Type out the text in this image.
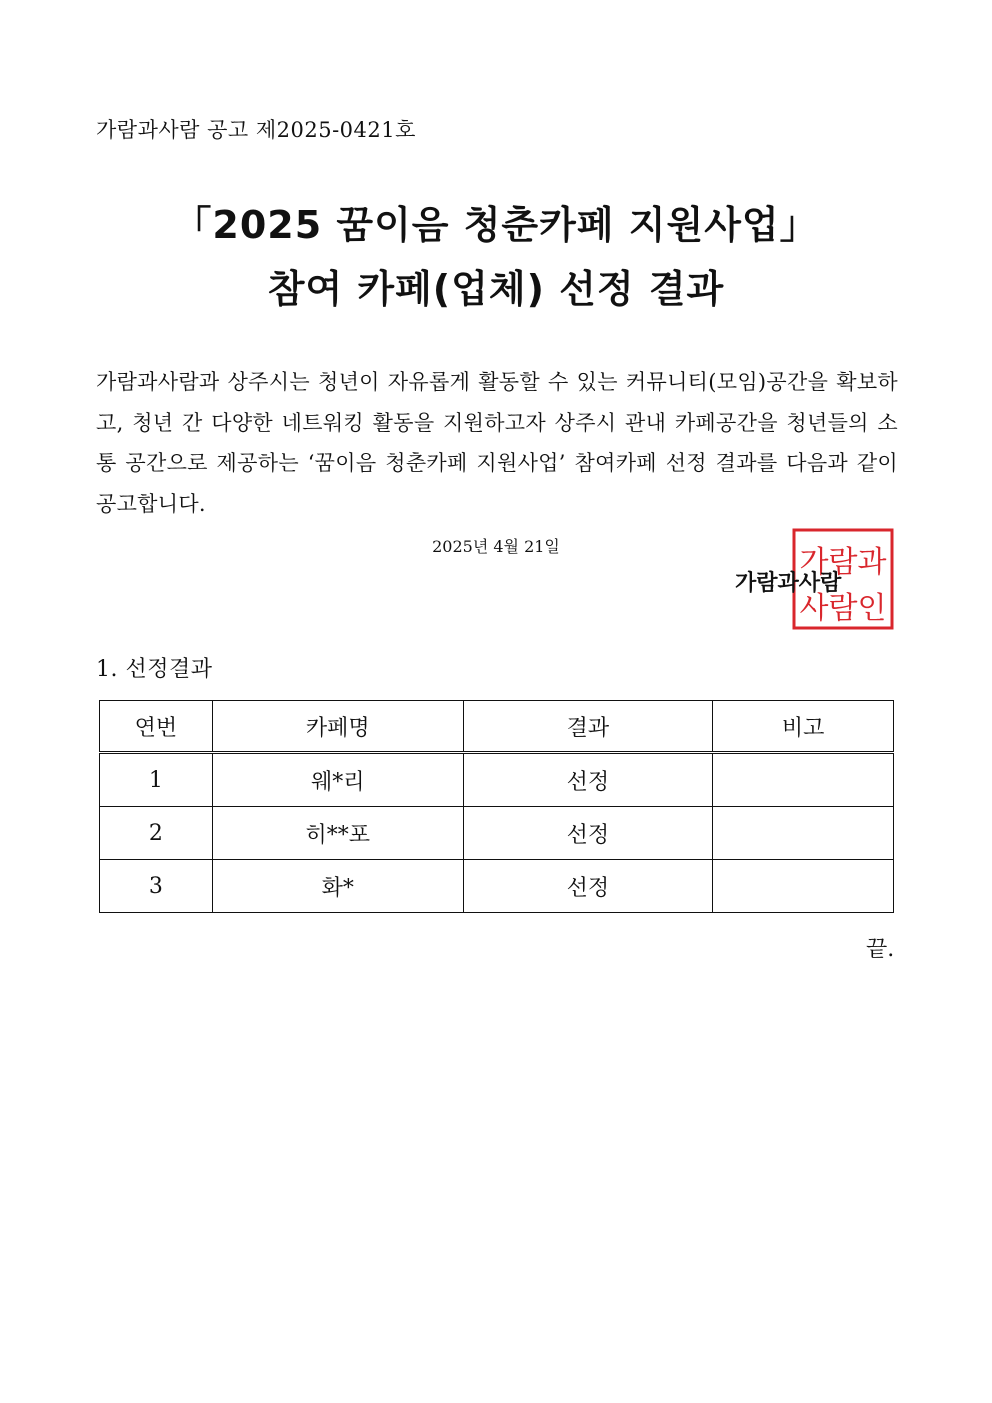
가람과사람 공고 제2025-0421호
「2025 꿈이음 청춘카페 지원사업」
참여 카페(업체) 선정 결과
가람과사람과 상주시는 청년이 자유롭게 활동할 수 있는 커뮤니티(모임)공간을 확보하고, 청년 간 다양한 네트워킹 활동을 지원하고자 상주시 관내 카페공간을 청년들의 소통 공간으로 제공하는 ‘꿈이음 청춘카페 지원사업’ 참여카페 선정 결과를 다음과 같이 공고합니다.
2025년 4월 21일	가람과
사람인
가람과사람
1. 선정결과
연번	카페명	결과	비고
1	웨*리	선정	
2	히**포	선정	
3	화*	선정	
끝.
